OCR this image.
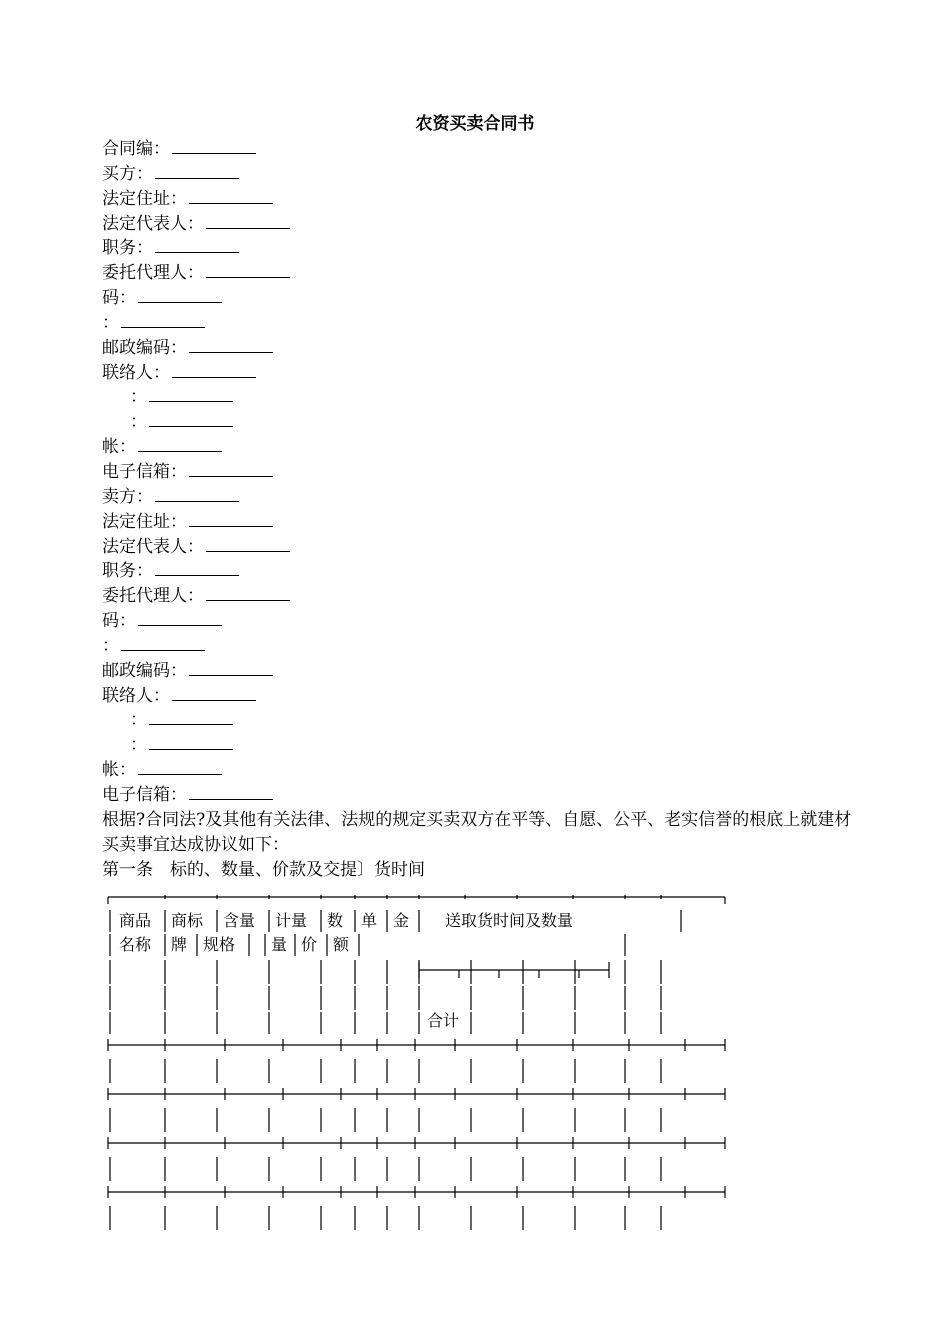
农资买卖合同书
合同编：
买方：
法定住址：
法定代表人：
职务：
委托代理人：
码：
：
邮政编码：
联络人：
：
：
帐：
电子信箱：
卖方：
法定住址：
法定代表人：
职务：
委托代理人：
码：
：
邮政编码：
联络人：
：
：
帐：
电子信箱：

根据?合同法?及其他有关法律、法规的规定买卖双方在平等、自愿、公平、老实信誉的根底上就建材买卖事宜达成协议如下：

第一条　标的、数量、价款及交提〕货时间

商品 商标 含量 计量 数 单 金 送取货时间及数量
名称 牌 规格 量 价 额
合计
